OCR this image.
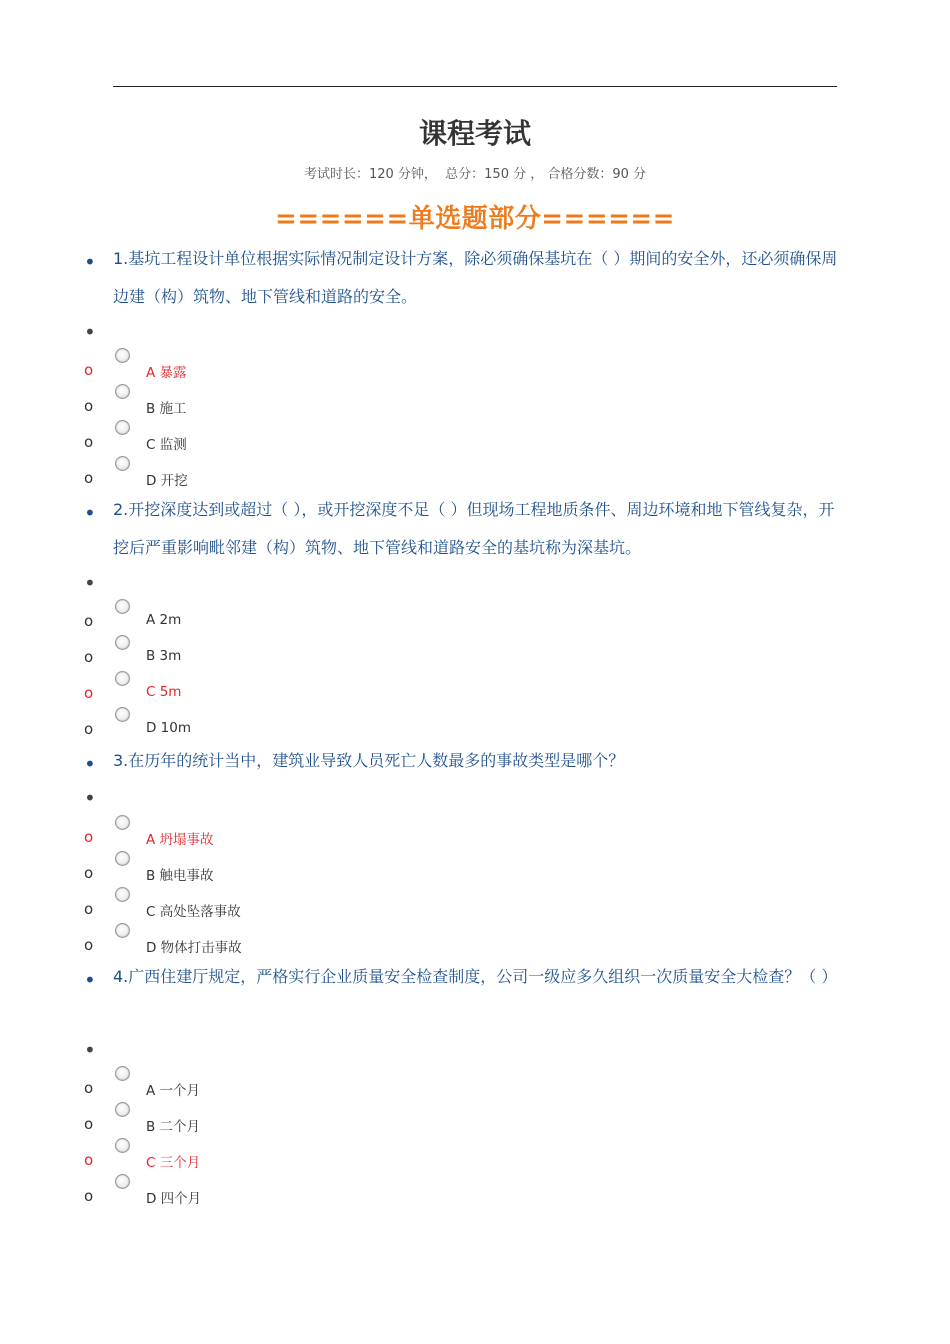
课程考试
考试时长：120 分钟，  总分：150 分 ， 合格分数：90 分
======单选题部分======
• 1.基坑工程设计单位根据实际情况制定设计方案，除必须确保基坑在（ ）期间的安全外，还必须确保周边建（构）筑物、地下管线和道路的安全。
•
o	A 暴露
o	B 施工
o	C 监测
o	D 开挖
• 2.开挖深度达到或超过（ ），或开挖深度不足（ ）但现场工程地质条件、周边环境和地下管线复杂，开挖后严重影响毗邻建（构）筑物、地下管线和道路安全的基坑称为深基坑。
•
o	A 2m
o	B 3m
o	C 5m
o	D 10m
• 3.在历年的统计当中，建筑业导致人员死亡人数最多的事故类型是哪个？
•
o	A 坍塌事故
o	B 触电事故
o	C 高处坠落事故
o	D 物体打击事故
• 4.广西住建厅规定，严格实行企业质量安全检查制度，公司一级应多久组织一次质量安全大检查？（ ）
•
o	A 一个月
o	B 二个月
o	C 三个月
o	D 四个月
